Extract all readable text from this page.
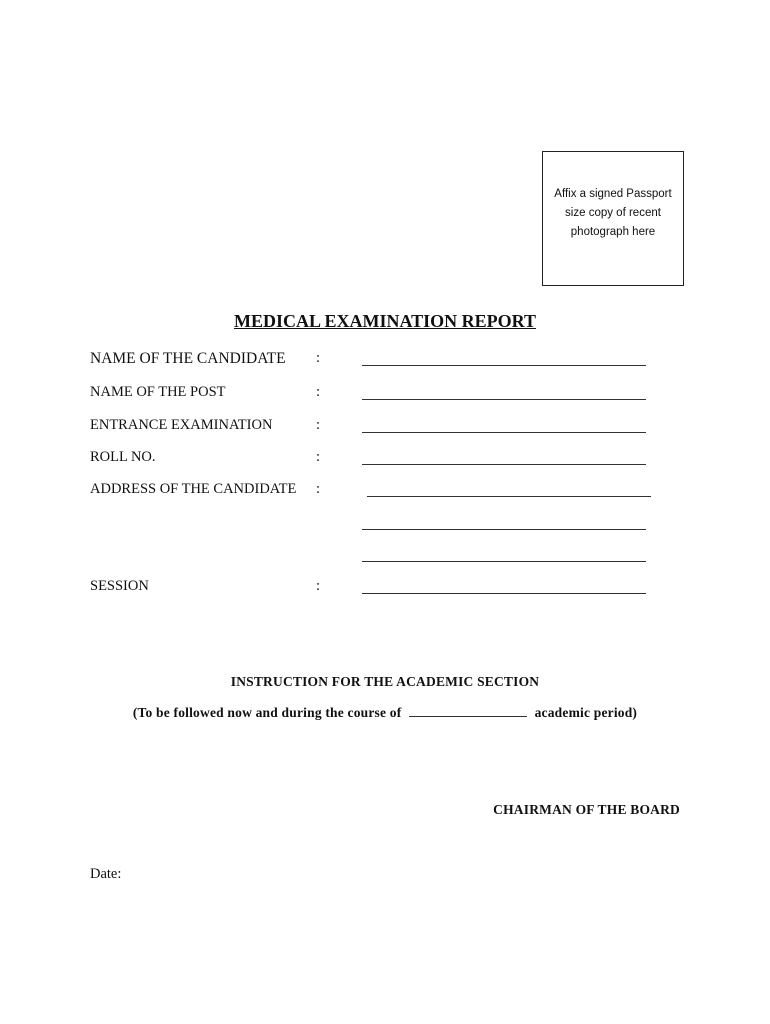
Affix a signed Passport
size copy of recent
photograph here
MEDICAL EXAMINATION REPORT
NAME OF THE CANDIDATE :
NAME OF THE POST	:
ENTRANCE EXAMINATION	:
ROLL NO.	:
ADDRESS OF THE CANDIDATE :
SESSION	:
INSTRUCTION FOR THE ACADEMIC SECTION
(To be followed now and during the course of	academic period)
CHAIRMAN OF THE BOARD
Date:
